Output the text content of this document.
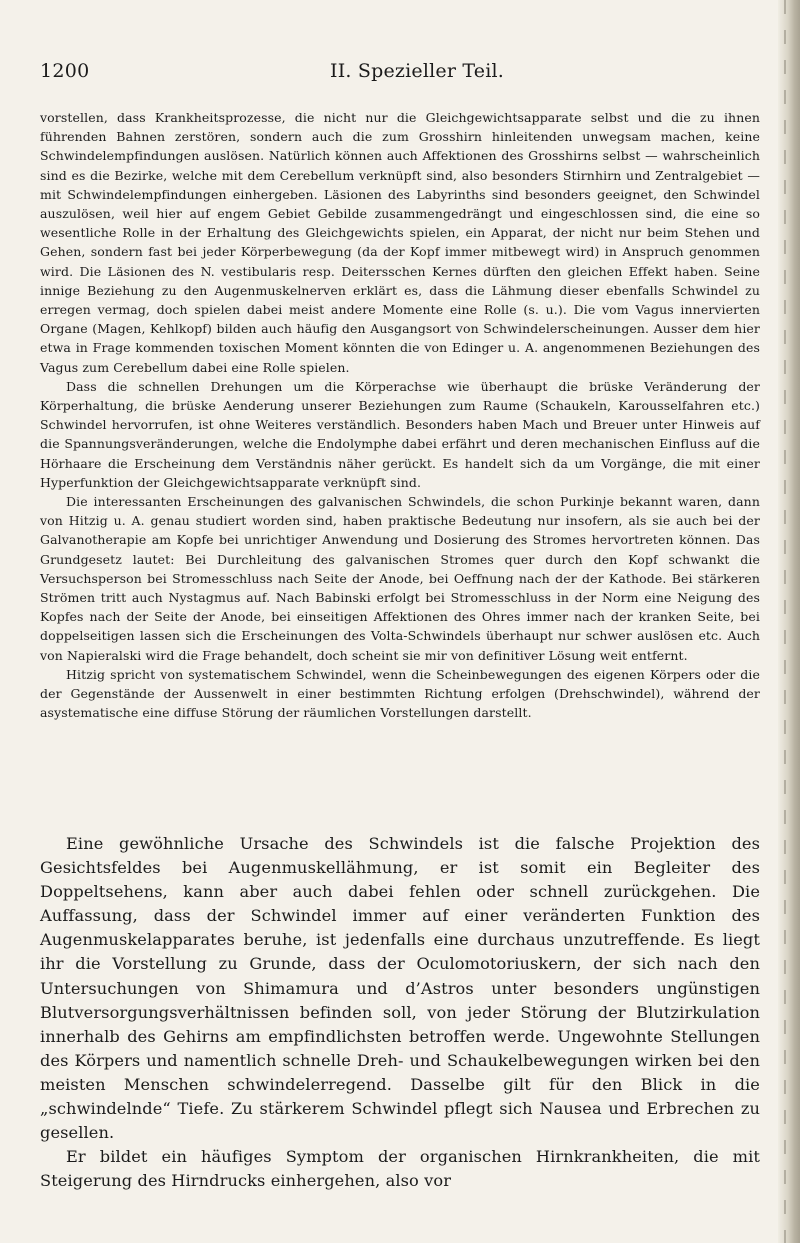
1200	II. Spezieller Teil.

vorstellen, dass Krankheitsprozesse, die nicht nur die Gleichgewichtsapparate selbst und die zu ihnen führenden Bahnen zerstören, sondern auch die zum Grosshirn hinleitenden unwegsam machen, keine Schwindelempfindungen auslösen. Natürlich können auch Affektionen des Grosshirns selbst — wahrscheinlich sind es die Bezirke, welche mit dem Cerebellum verknüpft sind, also besonders Stirnhirn und Zentralgebiet — mit Schwindelempfindungen einhergeben. Läsionen des Labyrinths sind besonders geeignet, den Schwindel auszulösen, weil hier auf engem Gebiet Gebilde zusammengedrängt und eingeschlossen sind, die eine so wesentliche Rolle in der Erhaltung des Gleichgewichts spielen, ein Apparat, der nicht nur beim Stehen und Gehen, sondern fast bei jeder Körperbewegung (da der Kopf immer mitbewegt wird) in Anspruch genommen wird. Die Läsionen des N. vestibularis resp. Deitersschen Kernes dürften den gleichen Effekt haben. Seine innige Beziehung zu den Augenmuskelnerven erklärt es, dass die Lähmung dieser ebenfalls Schwindel zu erregen vermag, doch spielen dabei meist andere Momente eine Rolle (s. u.). Die vom Vagus innervierten Organe (Magen, Kehlkopf) bilden auch häufig den Ausgangsort von Schwindelerscheinungen. Ausser dem hier etwa in Frage kommenden toxischen Moment könnten die von Edinger u. A. angenommenen Beziehungen des Vagus zum Cerebellum dabei eine Rolle spielen.

Dass die schnellen Drehungen um die Körperachse wie überhaupt die brüske Veränderung der Körperhaltung, die brüske Aenderung unserer Beziehungen zum Raume (Schaukeln, Karousselfahren etc.) Schwindel hervorrufen, ist ohne Weiteres verständlich. Besonders haben Mach und Breuer unter Hinweis auf die Spannungsveränderungen, welche die Endolymphe dabei erfährt und deren mechanischen Einfluss auf die Hörhaare die Erscheinung dem Verständnis näher gerückt. Es handelt sich da um Vorgänge, die mit einer Hyperfunktion der Gleichgewichtsapparate verknüpft sind.

Die interessanten Erscheinungen des galvanischen Schwindels, die schon Purkinje bekannt waren, dann von Hitzig u. A. genau studiert worden sind, haben praktische Bedeutung nur insofern, als sie auch bei der Galvanotherapie am Kopfe bei unrichtiger Anwendung und Dosierung des Stromes hervortreten können. Das Grundgesetz lautet: Bei Durchleitung des galvanischen Stromes quer durch den Kopf schwankt die Versuchsperson bei Stromesschluss nach Seite der Anode, bei Oeffnung nach der der Kathode. Bei stärkeren Strömen tritt auch Nystagmus auf. Nach Babinski erfolgt bei Stromesschluss in der Norm eine Neigung des Kopfes nach der Seite der Anode, bei einseitigen Affektionen des Ohres immer nach der kranken Seite, bei doppelseitigen lassen sich die Erscheinungen des Volta-Schwindels überhaupt nur schwer auslösen etc. Auch von Napieralski wird die Frage behandelt, doch scheint sie mir von definitiver Lösung weit entfernt.

Hitzig spricht von systematischem Schwindel, wenn die Scheinbewegungen des eigenen Körpers oder die der Gegenstände der Aussenwelt in einer bestimmten Richtung erfolgen (Drehschwindel), während der asystematische eine diffuse Störung der räumlichen Vorstellungen darstellt.

Eine gewöhnliche Ursache des Schwindels ist die falsche Projektion des Gesichtsfeldes bei Augenmuskellähmung, er ist somit ein Begleiter des Doppeltsehens, kann aber auch dabei fehlen oder schnell zurückgehen. Die Auffassung, dass der Schwindel immer auf einer veränderten Funktion des Augenmuskelapparates beruhe, ist jedenfalls eine durchaus unzutreffende. Es liegt ihr die Vorstellung zu Grunde, dass der Oculomotoriuskern, der sich nach den Untersuchungen von Shimamura und d’Astros unter besonders ungünstigen Blutversorgungsverhältnissen befinden soll, von jeder Störung der Blutzirkulation innerhalb des Gehirns am empfindlichsten betroffen werde. Ungewohnte Stellungen des Körpers und namentlich schnelle Dreh- und Schaukelbewegungen wirken bei den meisten Menschen schwindelerregend. Dasselbe gilt für den Blick in die „schwindelnde“ Tiefe. Zu stärkerem Schwindel pflegt sich Nausea und Erbrechen zu gesellen.

Er bildet ein häufiges Symptom der organischen Hirnkrankheiten, die mit Steigerung des Hirndrucks einhergehen, also vor
